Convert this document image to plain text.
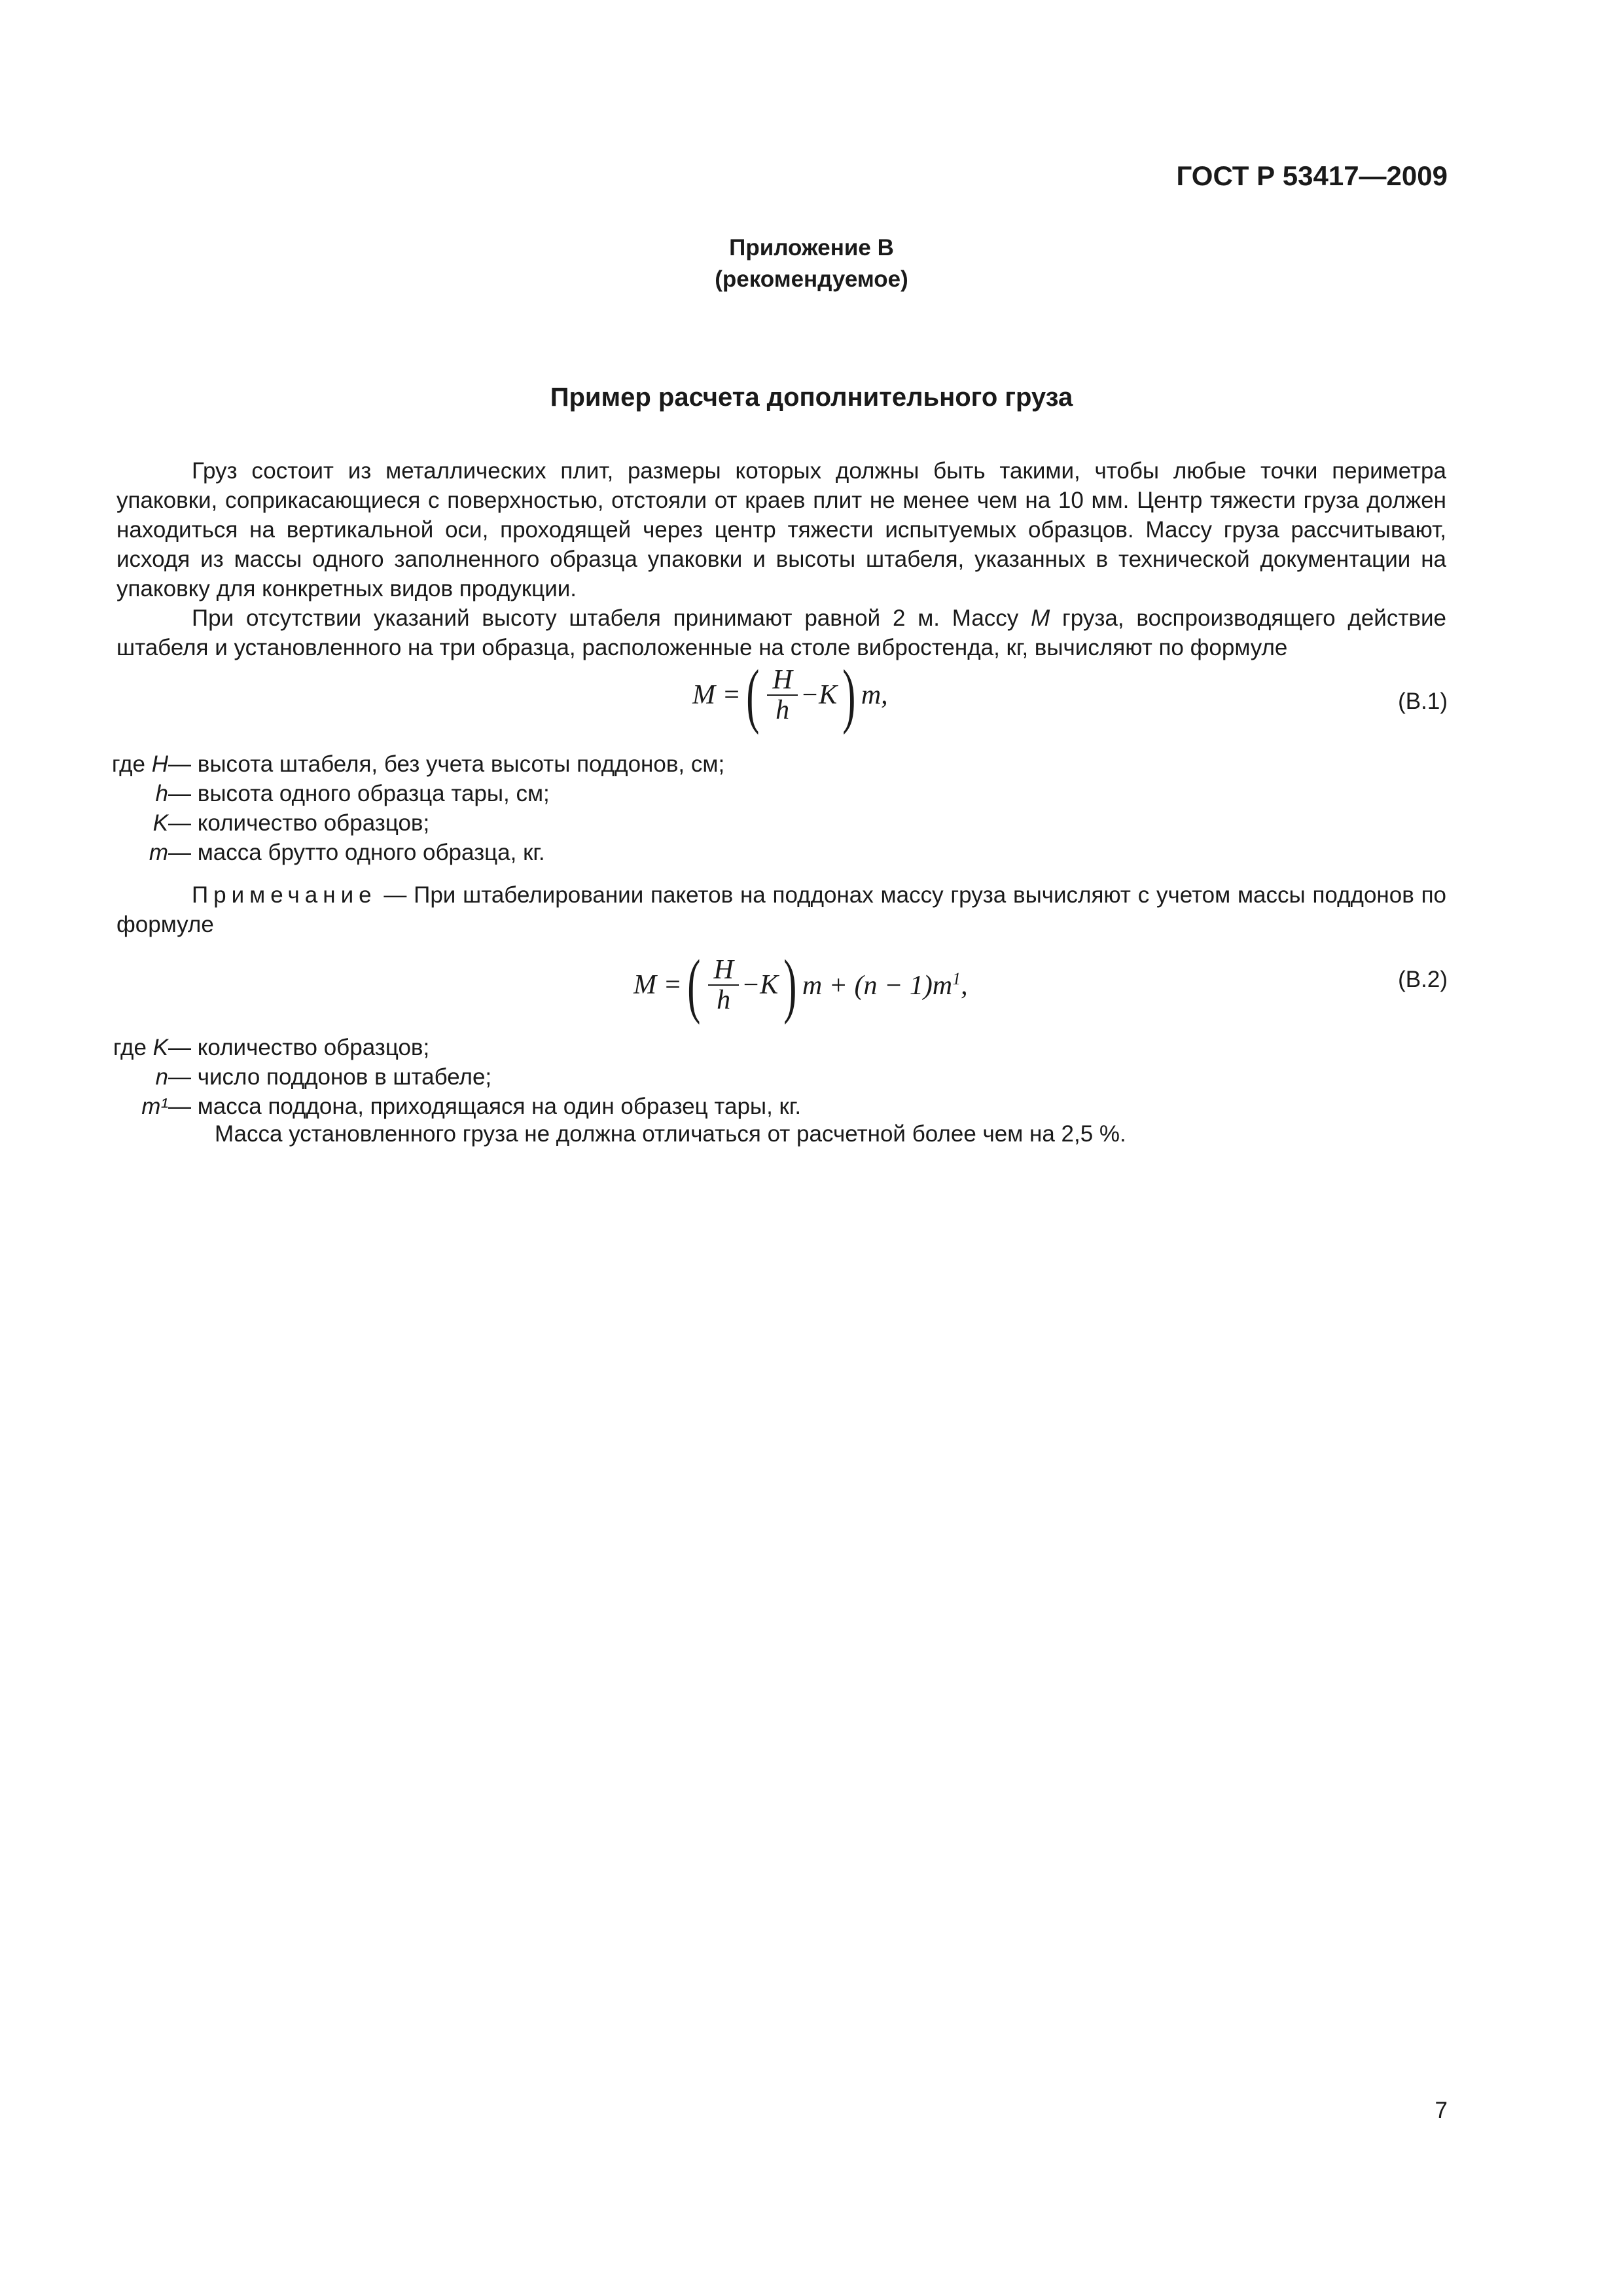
ГОСТ Р 53417—2009
Приложение В
(рекомендуемое)
Пример расчета дополнительного груза

Груз состоит из металлических плит, размеры которых должны быть такими, чтобы любые точки периметра упаковки, соприкасающиеся с поверхностью, отстояли от краев плит не менее чем на 10 мм. Центр тяжести груза должен находиться на вертикальной оси, проходящей через центр тяжести испытуемых образцов. Массу груза рассчитывают, исходя из массы одного заполненного образца упаковки и высоты штабеля, указанных в технической документации на упаковку для конкретных видов продукции.

При отсутствии указаний высоту штабеля принимают равной 2 м. Массу М груза, воспроизводящего действие штабеля и установленного на три образца, расположенные на столе вибростенда, кг, вычисляют по формуле

M = ( $\frac{H}{h} -K$ ) m,	(В.1)
где H — высота штабеля, без учета высоты поддонов, см;
h — высота одного образца тары, см;
K — количество образцов;
m — масса брутто одного образца, кг.

Примечание — При штабелировании пакетов на поддонах массу груза вычисляют с учетом массы поддонов по формуле

M = ( $\frac{H}{h} -K$ ) $m + (n - 1)m^1$,	(В.2)
где K — количество образцов;
n — число поддонов в штабеле;
m¹ — масса поддона, приходящаяся на один образец тары, кг.
Масса установленного груза не должна отличаться от расчетной более чем на 2,5 %.
7
